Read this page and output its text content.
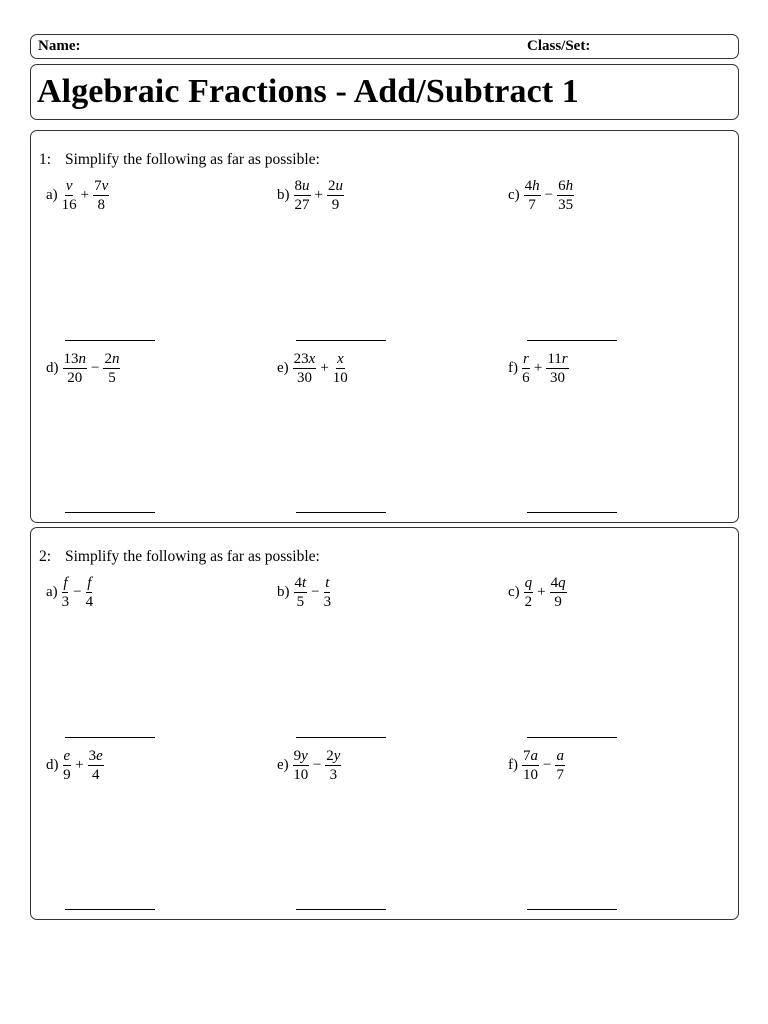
Name:	Class/Set:
Algebraic Fractions - Add/Subtract 1
1: Simplify the following as far as possible:
$a) \frac{v}{16} + \frac{7v}{8}$	$b) \frac{8u}{27} + \frac{2u}{9}$	$c) \frac{4h}{7} - \frac{6h}{35}$
$d) \frac{13n}{20} - \frac{2n}{5}$	$e) \frac{23x}{30} + \frac{x}{10}$	$f) \frac{r}{6} + \frac{11r}{30}$
2: Simplify the following as far as possible:
$a) \frac{f}{3} - \frac{f}{4}$	$b) \frac{4t}{5} - \frac{t}{3}$	$c) \frac{q}{2} + \frac{4q}{9}$
$d) \frac{e}{9} + \frac{3e}{4}$	$e) \frac{9y}{10} - \frac{2y}{3}$	$f) \frac{7a}{10} - \frac{a}{7}$
